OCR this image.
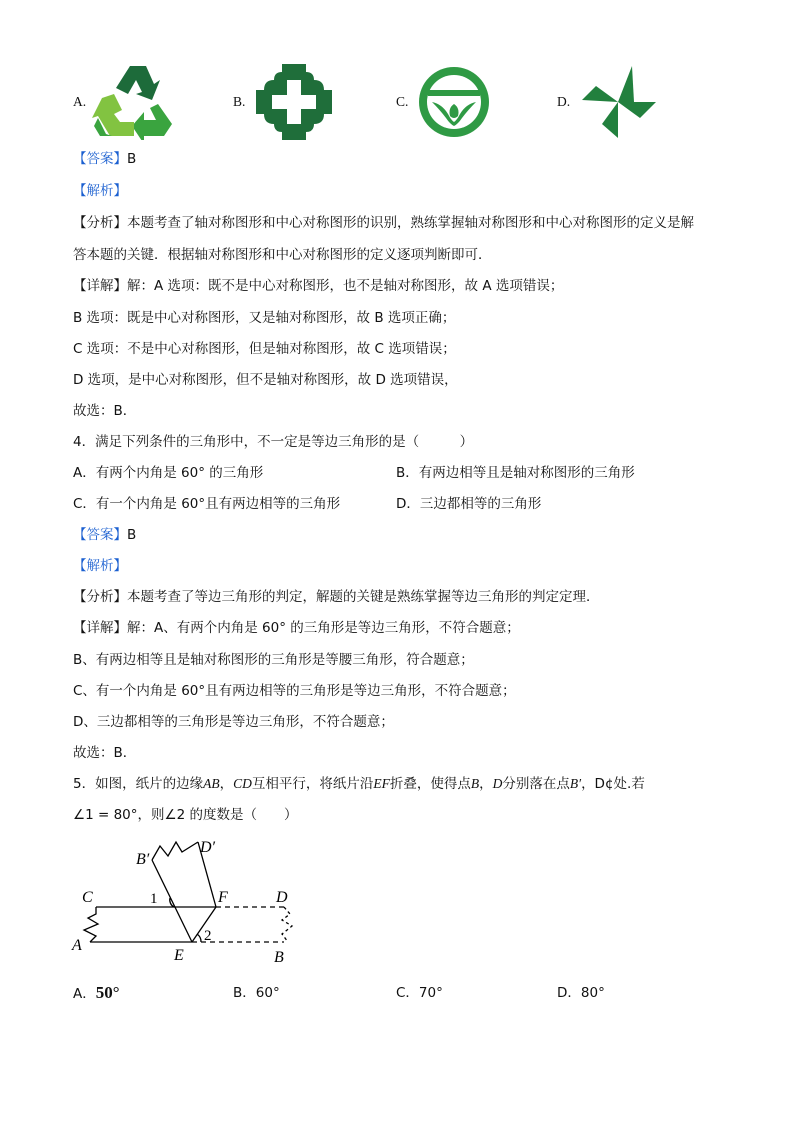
A.	B.	C.	D.
【答案】B
【解析】
【分析】本题考查了轴对称图形和中心对称图形的识别，熟练掌握轴对称图形和中心对称图形的定义是解
答本题的关键．根据轴对称图形和中心对称图形的定义逐项判断即可．
【详解】解：A 选项：既不是中心对称图形，也不是轴对称图形，故 A 选项错误；
B 选项：既是中心对称图形，又是轴对称图形，故 B 选项正确；
C 选项：不是中心对称图形，但是轴对称图形，故 C 选项错误；
D 选项，是中心对称图形，但不是轴对称图形，故 D 选项错误，
故选：B．
4．满足下列条件的三角形中，不一定是等边三角形的是（　　　）
A．有两个内角是 60° 的三角形	B．有两边相等且是轴对称图形的三角形
C．有一个内角是 60°且有两边相等的三角形	D．三边都相等的三角形
【答案】B
【解析】
【分析】本题考查了等边三角形的判定，解题的关键是熟练掌握等边三角形的判定定理．
【详解】解：A、有两个内角是 60° 的三角形是等边三角形，不符合题意；
B、有两边相等且是轴对称图形的三角形是等腰三角形，符合题意；
C、有一个内角是 60°且有两边相等的三角形是等边三角形，不符合题意；
D、三边都相等的三角形是等边三角形，不符合题意；
故选：B．
5．如图，纸片的边缘AB，CD互相平行，将纸片沿EF折叠，使得点B，D分别落在点B′，D¢处.若
∠1 = 80°，则∠2 的度数是（　　）
B′
D′
C	1	F	D
A
E
2
B
A．50°	B．60°	C．70°	D．80°
